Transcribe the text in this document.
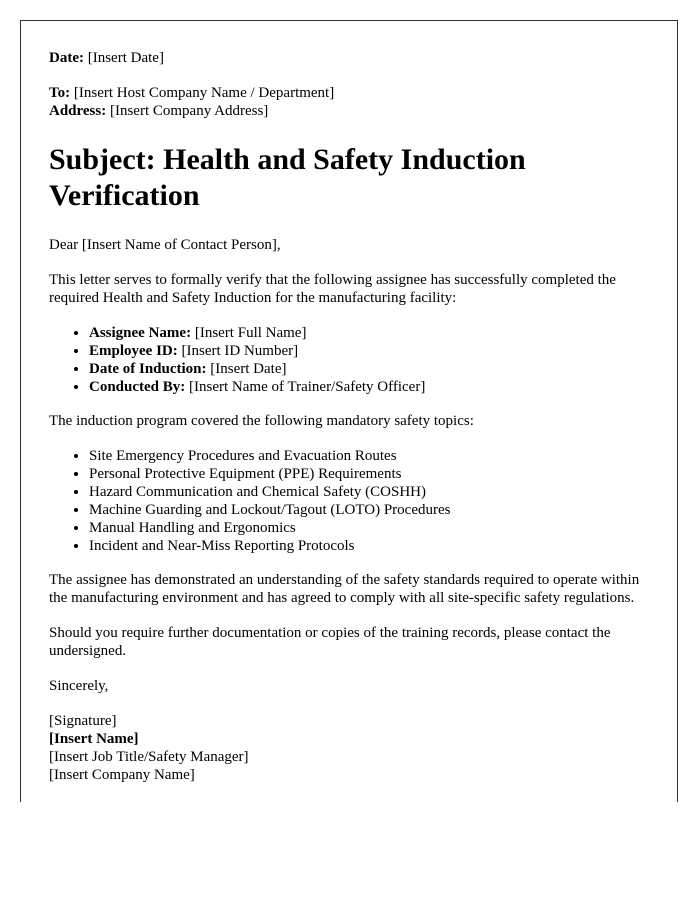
Date: [Insert Date]

To: [Insert Host Company Name / Department]
Address: [Insert Company Address]

Subject: Health and Safety Induction Verification

Dear [Insert Name of Contact Person],

This letter serves to formally verify that the following assignee has successfully completed the required Health and Safety Induction for the manufacturing facility:

• Assignee Name: [Insert Full Name]
• Employee ID: [Insert ID Number]
• Date of Induction: [Insert Date]
• Conducted By: [Insert Name of Trainer/Safety Officer]

The induction program covered the following mandatory safety topics:

• Site Emergency Procedures and Evacuation Routes
• Personal Protective Equipment (PPE) Requirements
• Hazard Communication and Chemical Safety (COSHH)
• Machine Guarding and Lockout/Tagout (LOTO) Procedures
• Manual Handling and Ergonomics
• Incident and Near-Miss Reporting Protocols

The assignee has demonstrated an understanding of the safety standards required to operate within the manufacturing environment and has agreed to comply with all site-specific safety regulations.

Should you require further documentation or copies of the training records, please contact the undersigned.

Sincerely,

[Signature]
[Insert Name]
[Insert Job Title/Safety Manager]
[Insert Company Name]
